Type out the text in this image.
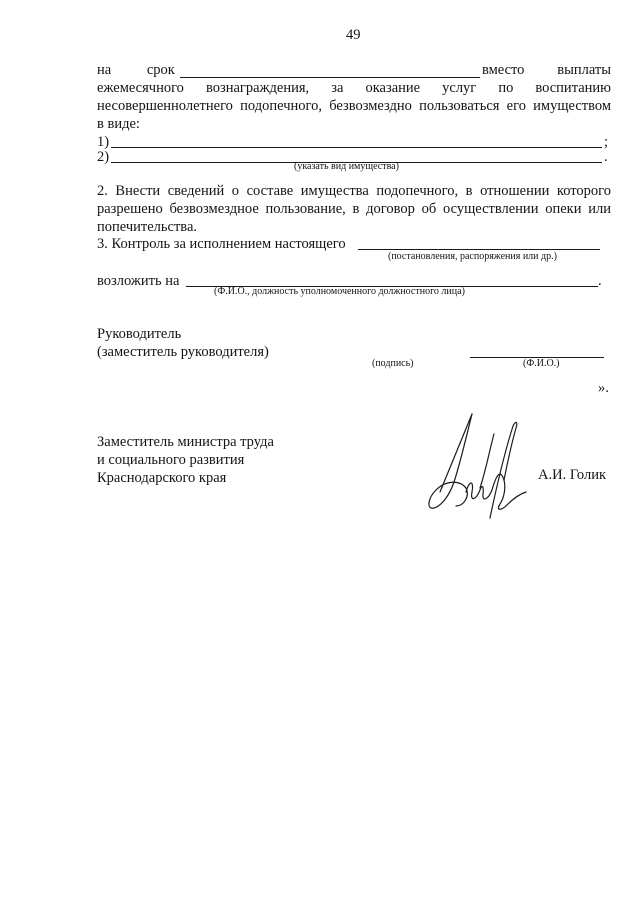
49
на срок	вместо выплаты
ежемесячного вознаграждения, за оказание услуг по воспитанию
несовершеннолетнего подопечного, безвозмездно пользоваться его имуществом
в виде:
1)	;
2)	.
(указать вид имущества)
2. Внести сведений о составе имущества подопечного, в отношении которого
разрешено безвозмездное пользование, в договор об осуществлении опеки или
попечительства.
3. Контроль за исполнением настоящего
(постановления, распоряжения или др.)
возложить на	.
(Ф.И.О., должность уполномоченного должностного лица)
Руководитель
(заместитель руководителя)
(подпись)	(Ф.И.О.)
».
Заместитель министра труда
и социального развития
Краснодарского края	А.И. Голик
